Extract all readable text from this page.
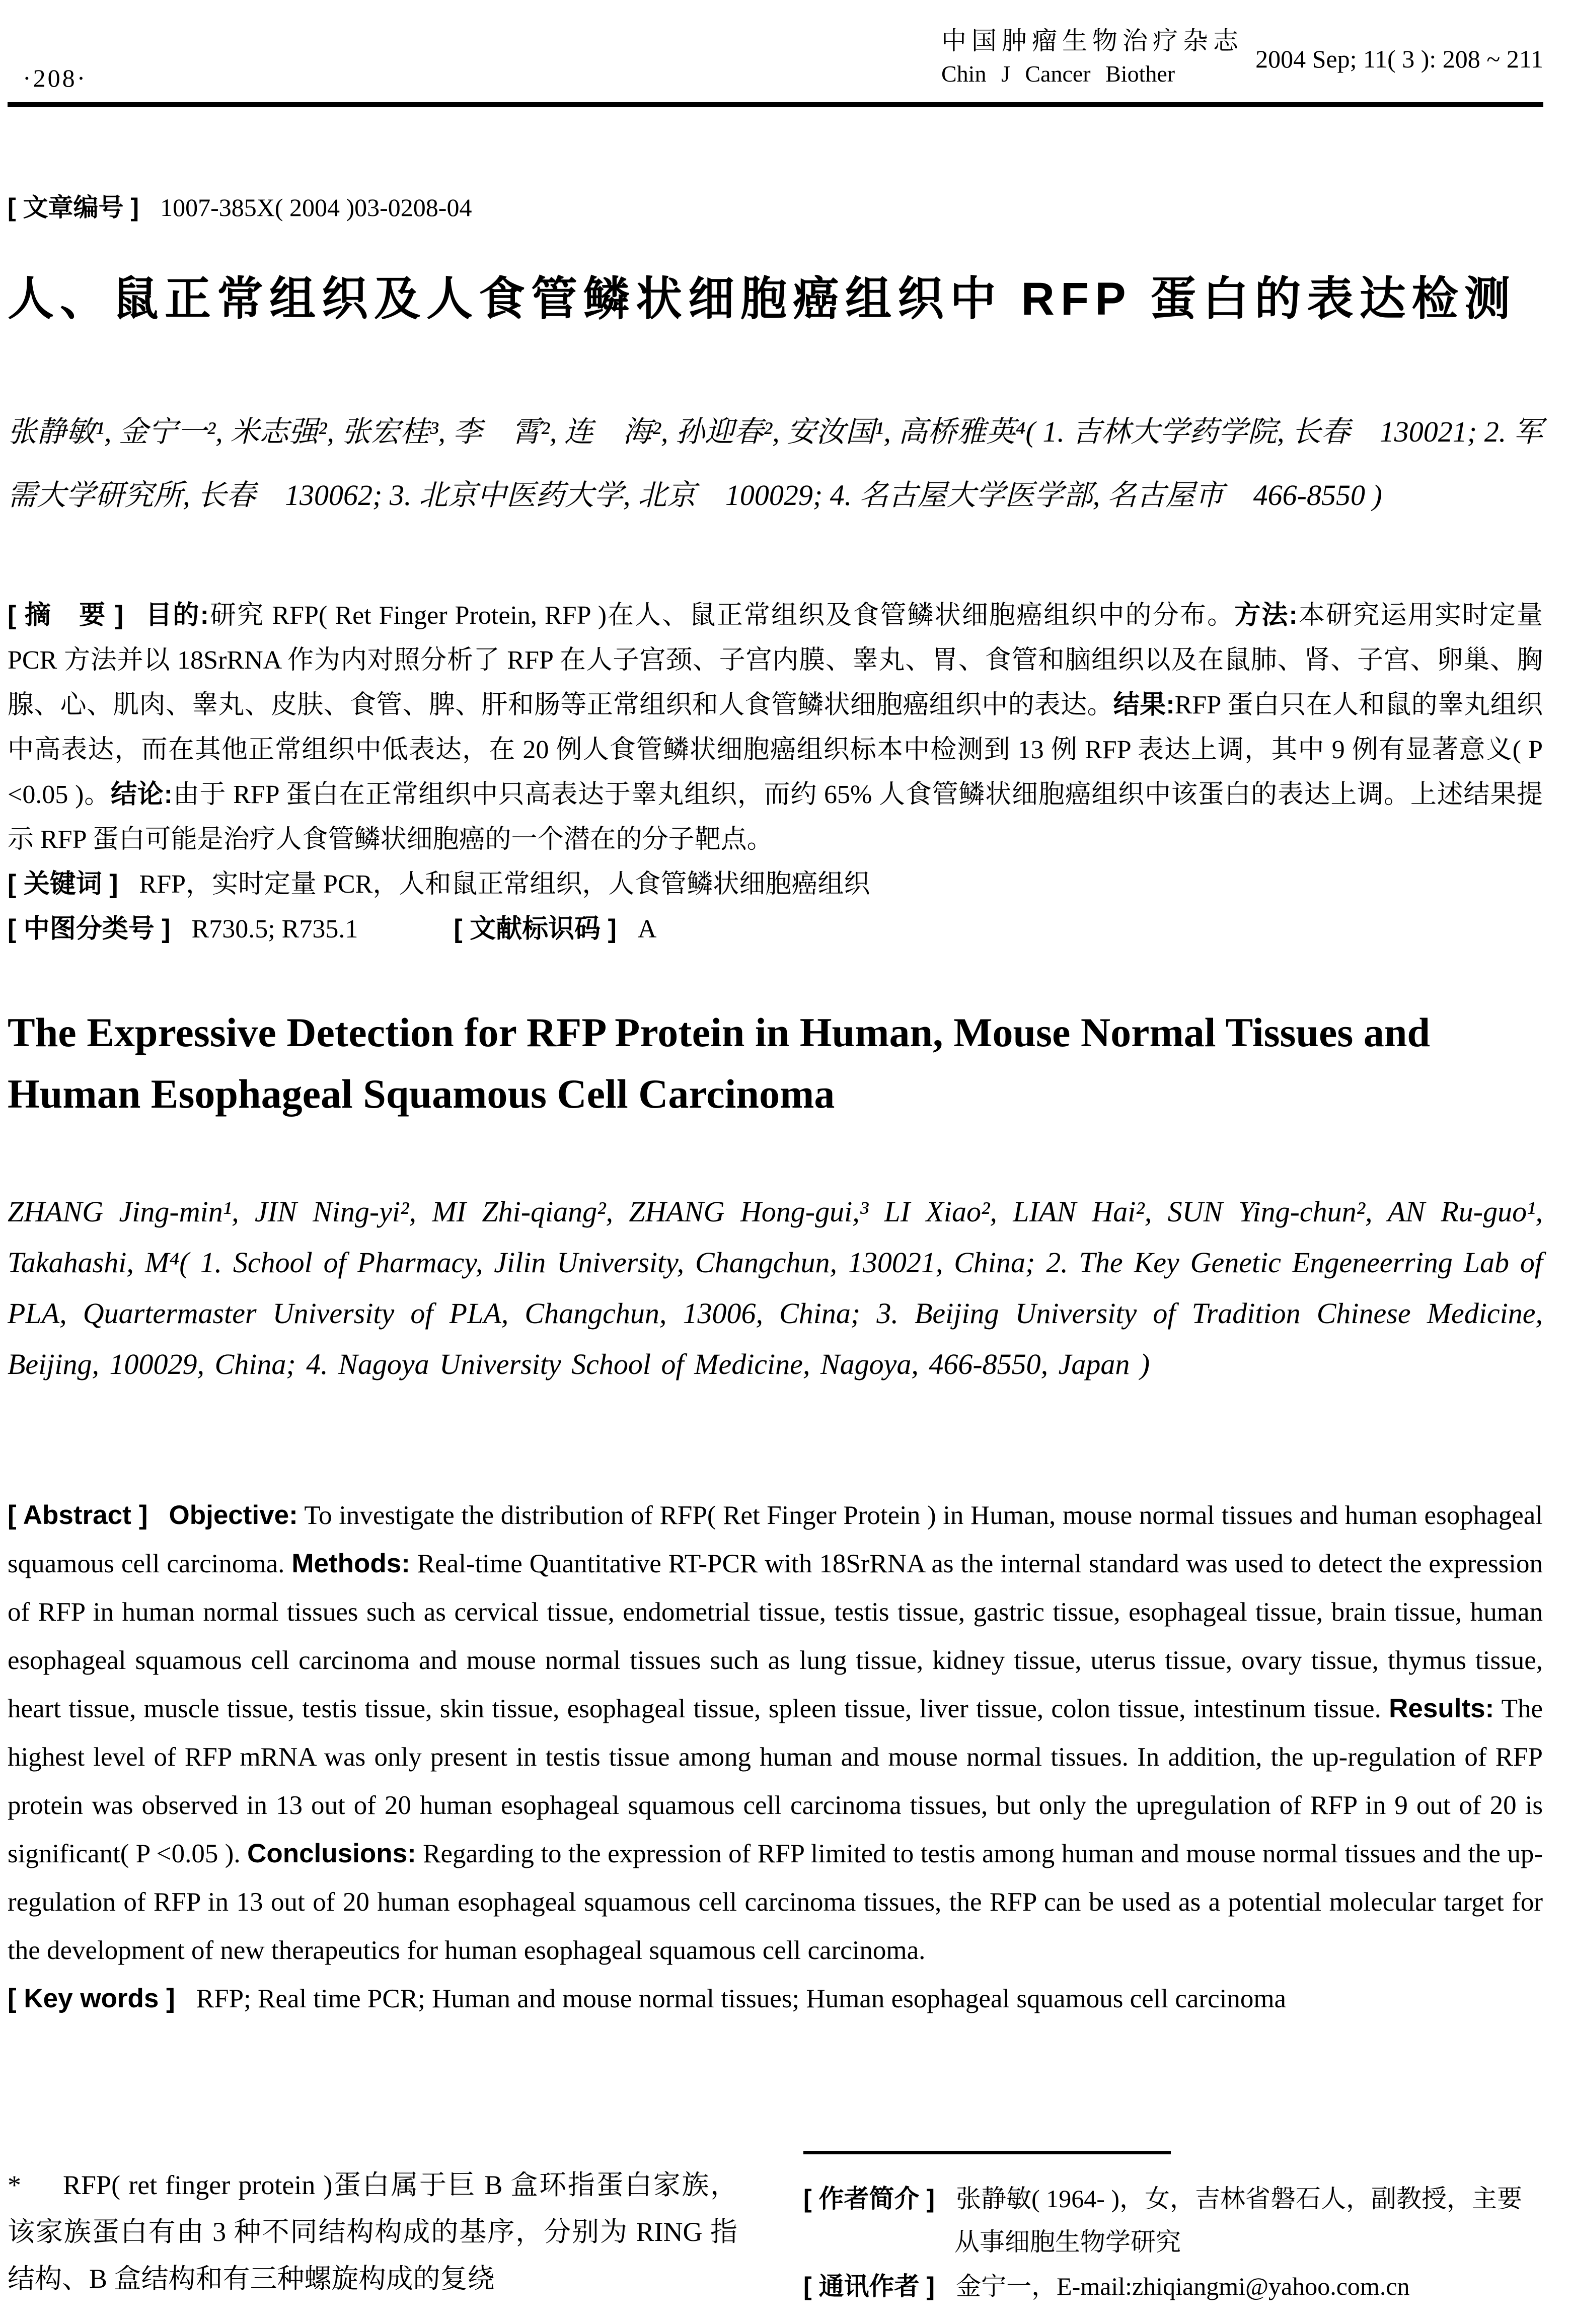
·208·
中国肿瘤生物治疗杂志
Chin J Cancer Biother
2004 Sep; 11( 3 ): 208 ~ 211

[ 文章编号 ] 1007-385X( 2004 )03-0208-04

人、鼠正常组织及人食管鳞状细胞癌组织中 RFP 蛋白的表达检测

张静敏¹, 金宁一², 米志强², 张宏桂³, 李　霄², 连　海², 孙迎春², 安汝国¹, 高桥雅英⁴( 1. 吉林大学药学院, 长春　130021; 2. 军需大学研究所, 长春　130062; 3. 北京中医药大学, 北京　100029; 4. 名古屋大学医学部, 名古屋市　466-8550 )

[ 摘　要 ] 目的:研究 RFP( Ret Finger Protein, RFP )在人、鼠正常组织及食管鳞状细胞癌组织中的分布。方法:本研究运用实时定量 PCR 方法并以 18SrRNA 作为内对照分析了 RFP 在人子宫颈、子宫内膜、睾丸、胃、食管和脑组织以及在鼠肺、肾、子宫、卵巢、胸腺、心、肌肉、睾丸、皮肤、食管、脾、肝和肠等正常组织和人食管鳞状细胞癌组织中的表达。结果:RFP 蛋白只在人和鼠的睾丸组织中高表达，而在其他正常组织中低表达，在 20 例人食管鳞状细胞癌组织标本中检测到 13 例 RFP 表达上调，其中 9 例有显著意义( P <0.05 )。结论:由于 RFP 蛋白在正常组织中只高表达于睾丸组织，而约 65% 人食管鳞状细胞癌组织中该蛋白的表达上调。上述结果提示 RFP 蛋白可能是治疗人食管鳞状细胞癌的一个潜在的分子靶点。

[ 关键词 ] RFP，实时定量 PCR，人和鼠正常组织，人食管鳞状细胞癌组织

[ 中图分类号 ] R730.5; R735.1	[ 文献标识码 ] A

The Expressive Detection for RFP Protein in Human, Mouse Normal Tissues and Human Esophageal Squamous Cell Carcinoma

ZHANG Jing-min¹, JIN Ning-yi², MI Zhi-qiang², ZHANG Hong-gui,³ LI Xiao², LIAN Hai², SUN Ying-chun², AN Ru-guo¹, Takahashi, M⁴( 1. School of Pharmacy, Jilin University, Changchun, 130021, China; 2. The Key Genetic Engeneerring Lab of PLA, Quartermaster University of PLA, Changchun, 13006, China; 3. Beijing University of Tradition Chinese Medicine, Beijing, 100029, China; 4. Nagoya University School of Medicine, Nagoya, 466-8550, Japan )

[ Abstract ] Objective: To investigate the distribution of RFP( Ret Finger Protein ) in Human, mouse normal tissues and human esophageal squamous cell carcinoma. Methods: Real-time Quantitative RT-PCR with 18SrRNA as the internal standard was used to detect the expression of RFP in human normal tissues such as cervical tissue, endometrial tissue, testis tissue, gastric tissue, esophageal tissue, brain tissue, human esophageal squamous cell carcinoma and mouse normal tissues such as lung tissue, kidney tissue, uterus tissue, ovary tissue, thymus tissue, heart tissue, muscle tissue, testis tissue, skin tissue, esophageal tissue, spleen tissue, liver tissue, colon tissue, intestinum tissue. Results: The highest level of RFP mRNA was only present in testis tissue among human and mouse normal tissues. In addition, the up-regulation of RFP protein was observed in 13 out of 20 human esophageal squamous cell carcinoma tissues, but only the upregulation of RFP in 9 out of 20 is significant( P <0.05 ). Conclusions: Regarding to the expression of RFP limited to testis among human and mouse normal tissues and the up-regulation of RFP in 13 out of 20 human esophageal squamous cell carcinoma tissues, the RFP can be used as a potential molecular target for the development of new therapeutics for human esophageal squamous cell carcinoma.

[ Key words ] RFP; Real time PCR; Human and mouse normal tissues; Human esophageal squamous cell carcinoma

* RFP( ret finger protein )蛋白属于巨 B 盒环指蛋白家族，该家族蛋白有由 3 种不同结构构成的基序，分别为 RING 指结构、B 盒结构和有三种螺旋构成的复绕

[ 作者简介 ] 张静敏( 1964- )，女，吉林省磐石人，副教授，主要从事细胞生物学研究

[ 通讯作者 ] 金宁一，E-mail:zhiqiangmi@yahoo.com.cn
